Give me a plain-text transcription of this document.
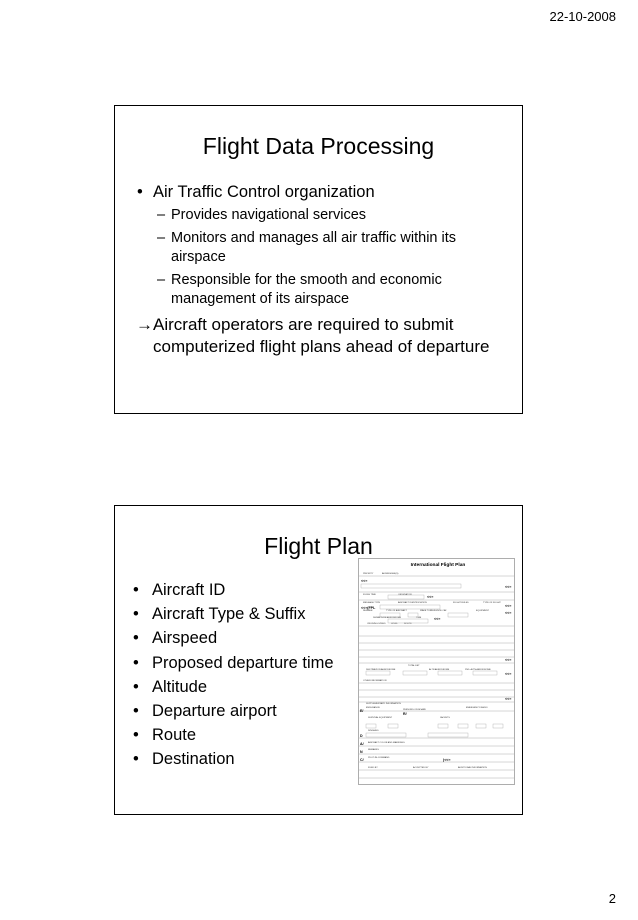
22-10-2008
Flight Data Processing
• Air Traffic Control organization
– Provides navigational services
– Monitors and manages all air traffic within its airspace
– Responsible for the smooth and economic management of its airspace
→ Aircraft operators are required to submit computerized flight plans ahead of departure
Flight Plan
• Aircraft ID
• Aircraft Type & Suffix
• Airspeed
• Proposed departure time
• Altitude
• Departure airport
• Route
• Destination
International Flight Plan
PRIORITY	ADDRESSEE(S)
FILING TIME	ORIGINATOR
MESSAGE TYPE	AIRCRAFT IDENTIFICATION	FLIGHT RULES	TYPE OF FLIGHT
NUMBER	TYPE OF AIRCRAFT	WAKE TURBULENCE CAT.	EQUIPMENT
DEPARTURE AERODROME	TIME
CRUISING SPEED LEVEL	ROUTE
DESTINATION AERODROME
TOTAL EET
ALTN AERODROME	2ND. ALTN AERODROME
OTHER INFORMATION
SUPPLEMENTARY INFORMATION
ENDURANCE
PERSONS ON BOARD
EMERGENCY RADIO
SURVIVAL EQUIPMENT	JACKETS
DINGHIES
AIRCRAFT COLOR AND MARKINGS
REMARKS
PILOT-IN-COMMAND
FILED BY	ACCEPTED BY	ADDITIONAL INFORMATION
<<≡
<<≡(FPL
<<≡
<<≡
<<≡
<<≡
<<≡
<<≡
<<≡
<<≡
)<<≡
E/
R/
D
A/
N
C/
2
